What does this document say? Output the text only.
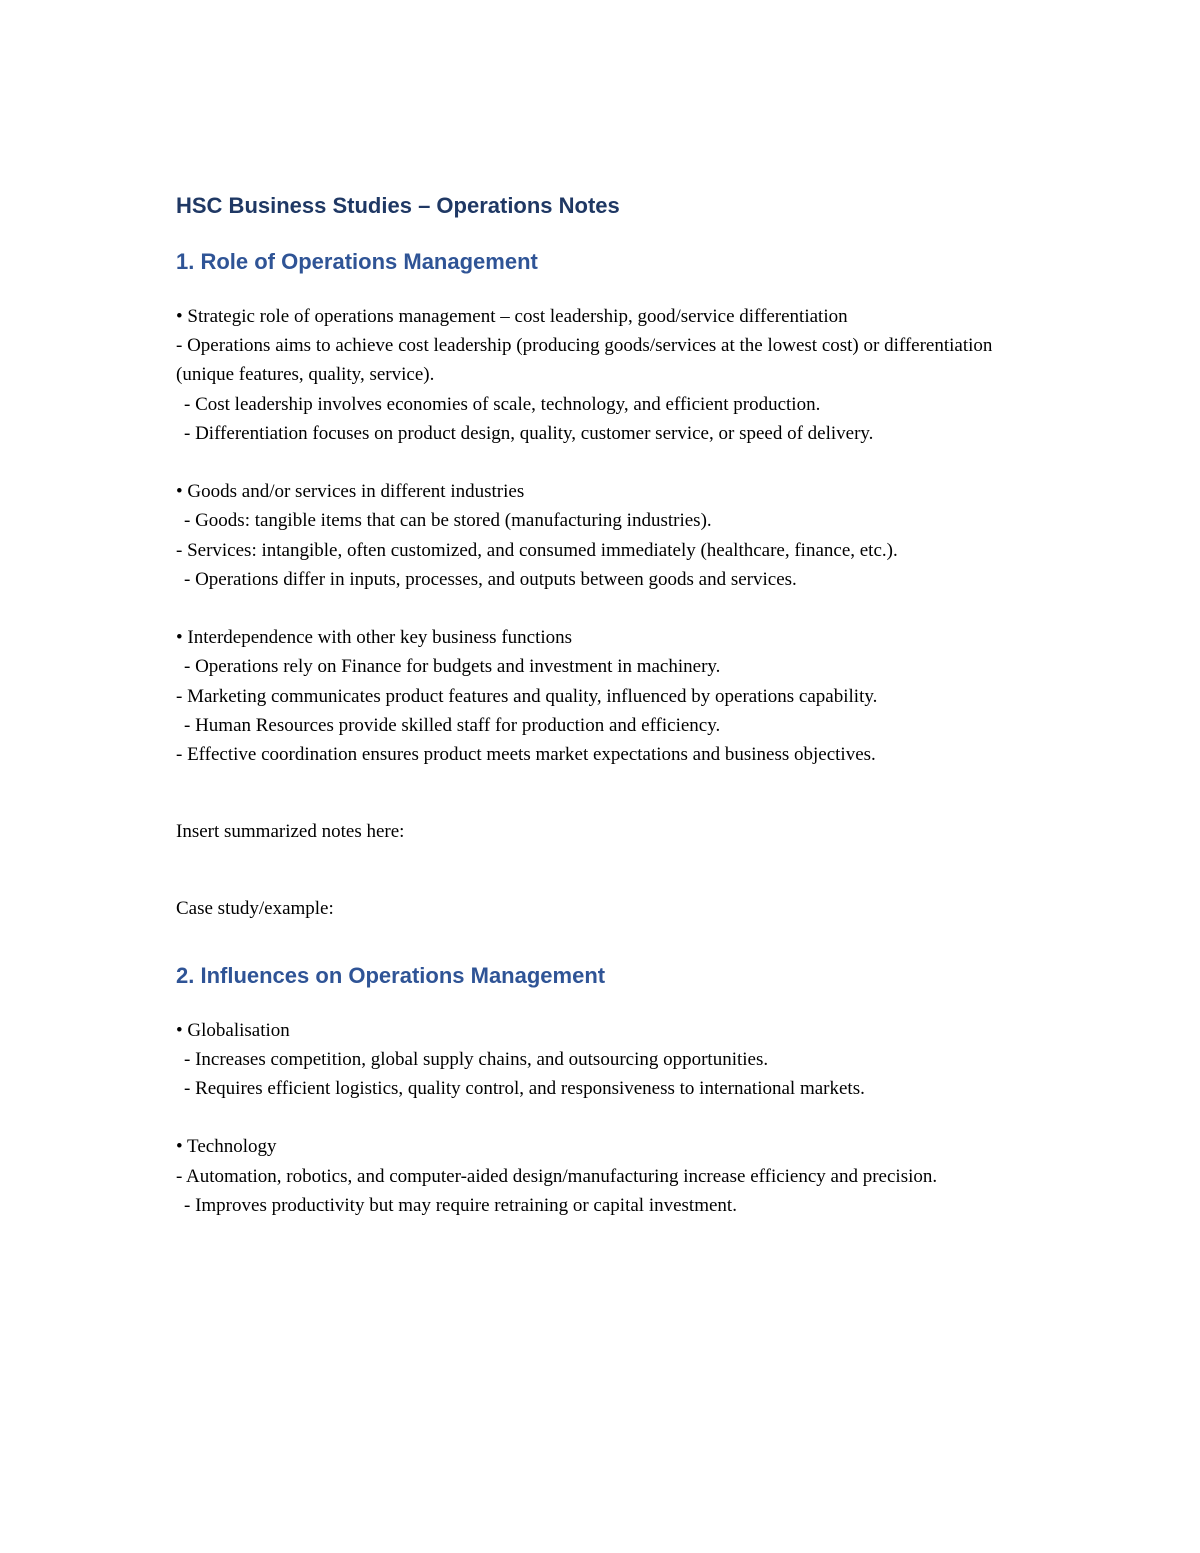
HSC Business Studies – Operations Notes
1. Role of Operations Management
• Strategic role of operations management – cost leadership, good/service differentiation
- Operations aims to achieve cost leadership (producing goods/services at the lowest cost) or differentiation (unique features, quality, service).
- Cost leadership involves economies of scale, technology, and efficient production.
- Differentiation focuses on product design, quality, customer service, or speed of delivery.
• Goods and/or services in different industries
- Goods: tangible items that can be stored (manufacturing industries).
- Services: intangible, often customized, and consumed immediately (healthcare, finance, etc.).
- Operations differ in inputs, processes, and outputs between goods and services.
• Interdependence with other key business functions
- Operations rely on Finance for budgets and investment in machinery.
- Marketing communicates product features and quality, influenced by operations capability.
- Human Resources provide skilled staff for production and efficiency.
- Effective coordination ensures product meets market expectations and business objectives.
Insert summarized notes here:
Case study/example:
2. Influences on Operations Management
• Globalisation
- Increases competition, global supply chains, and outsourcing opportunities.
- Requires efficient logistics, quality control, and responsiveness to international markets.
• Technology
- Automation, robotics, and computer-aided design/manufacturing increase efficiency and precision.
- Improves productivity but may require retraining or capital investment.
